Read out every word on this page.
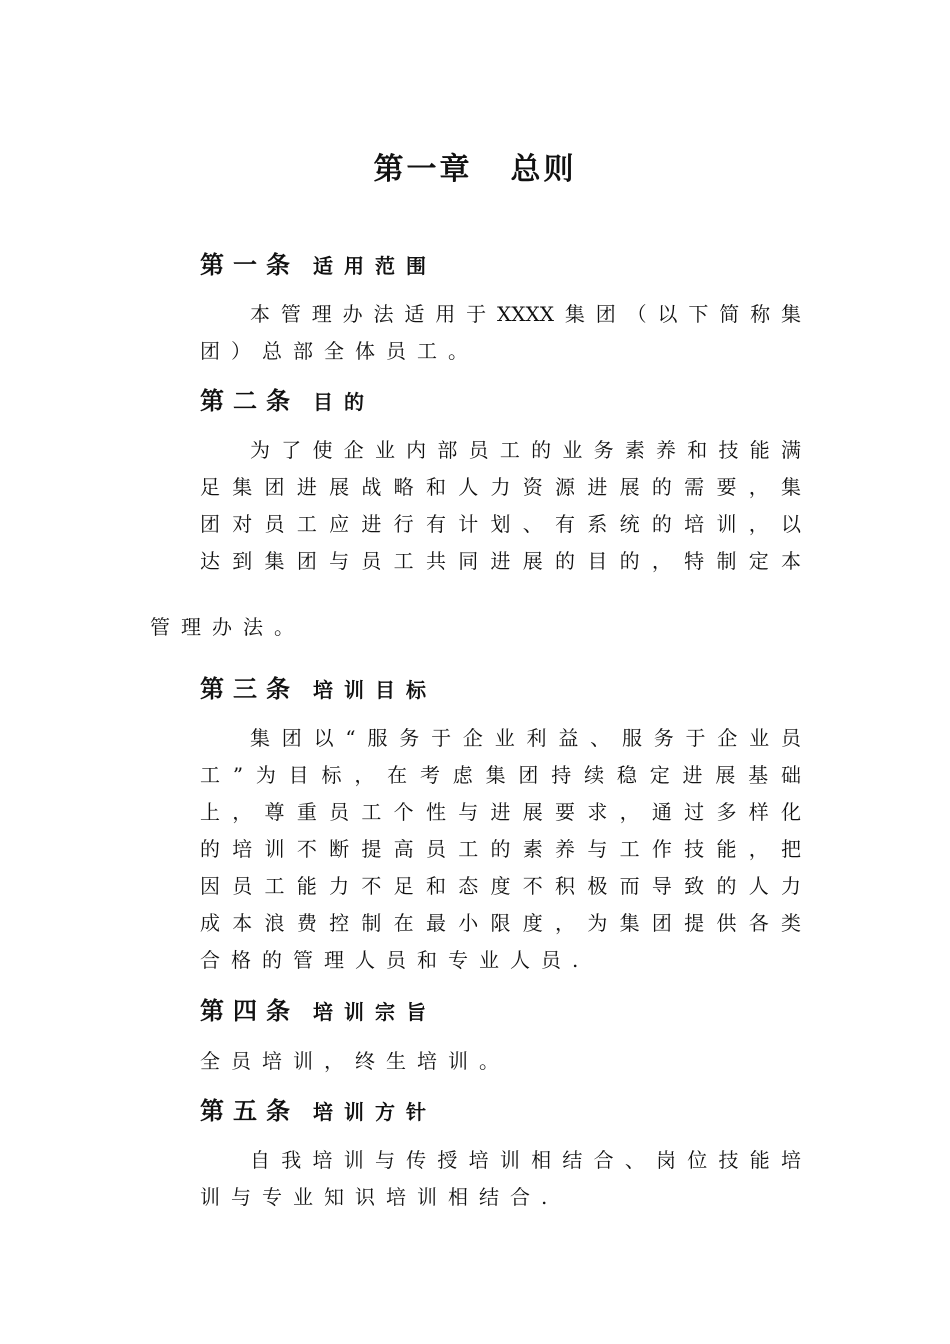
第一章 总则
第一条 适用范围
本管理办法适用于XXXX集团（以下简称集
团）总部全体员工。
第二条 目的
为了使企业内部员工的业务素养和技能满
足集团进展战略和人力资源进展的需要，集
团对员工应进行有计划、有系统的培训，以
达到集团与员工共同进展的目的，特制定本

管理办法。

第三条 培训目标
集团以“服务于企业利益、服务于企业员
工”为目标，在考虑集团持续稳定进展基础
上，尊重员工个性与进展要求，通过多样化
的培训不断提高员工的素养与工作技能，把
因员工能力不足和态度不积极而导致的人力
成本浪费控制在最小限度，为集团提供各类
合格的管理人员和专业人员.
第四条 培训宗旨

全员培训，终生培训。

第五条 培训方针
自我培训与传授培训相结合、岗位技能培
训与专业知识培训相结合.
